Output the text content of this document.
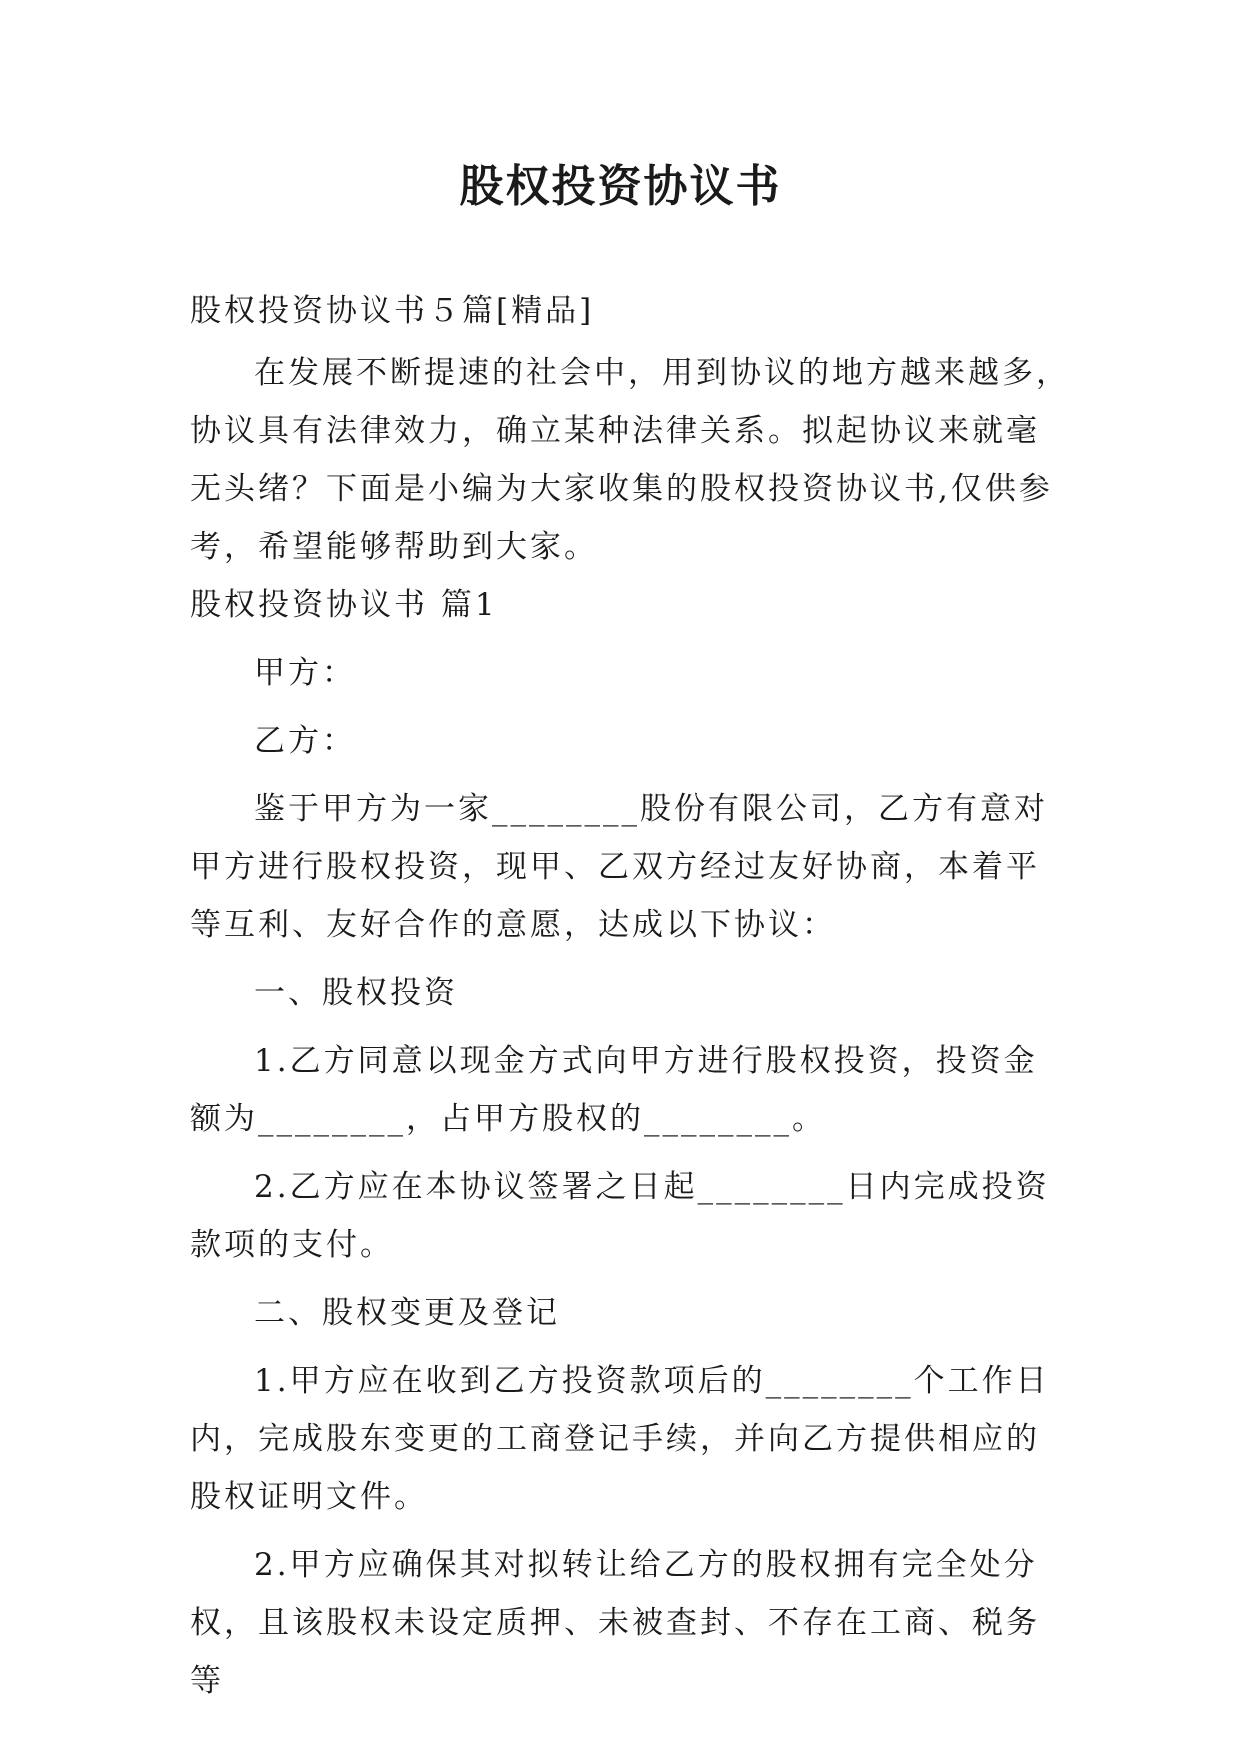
股权投资协议书

股权投资协议书５篇[精品]

在发展不断提速的社会中，用到协议的地方越来越多，协议具有法律效力，确立某种法律关系。拟起协议来就毫无头绪？下面是小编为大家收集的股权投资协议书,仅供参考，希望能够帮助到大家。

股权投资协议书 篇1

甲方：

乙方：

鉴于甲方为一家________股份有限公司，乙方有意对甲方进行股权投资，现甲、乙双方经过友好协商，本着平等互利、友好合作的意愿，达成以下协议：

一、股权投资

1.乙方同意以现金方式向甲方进行股权投资，投资金额为________，占甲方股权的________。

2.乙方应在本协议签署之日起________日内完成投资款项的支付。

二、股权变更及登记

1.甲方应在收到乙方投资款项后的________个工作日内，完成股东变更的工商登记手续，并向乙方提供相应的股权证明文件。

2.甲方应确保其对拟转让给乙方的股权拥有完全处分权，且该股权未设定质押、未被查封、不存在工商、税务等
